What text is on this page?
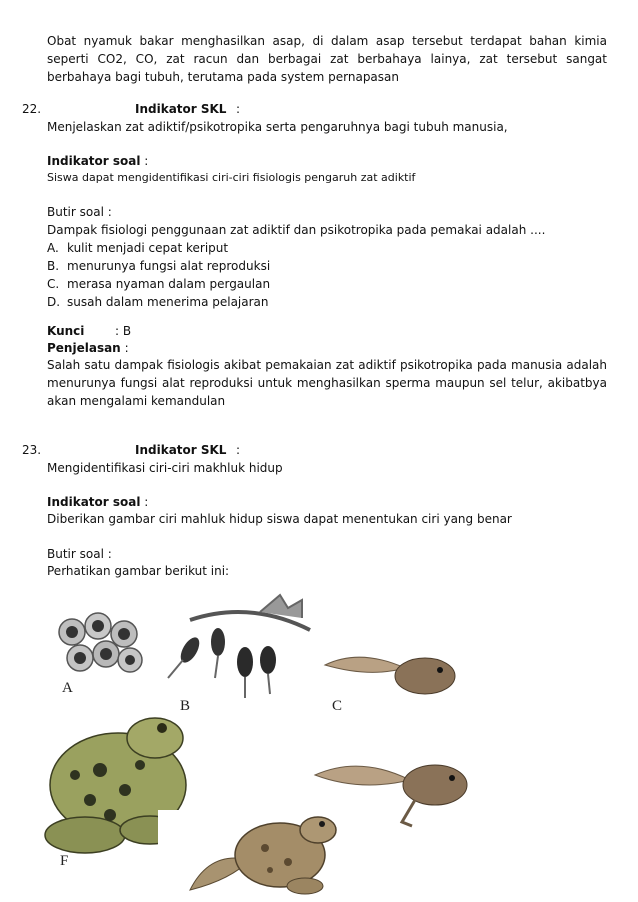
Obat nyamuk bakar menghasilkan asap, di dalam asap tersebut terdapat bahan kimia seperti CO2, CO, zat racun dan berbagai zat berbahaya lainya, zat tersebut sangat berbahaya bagi tubuh, terutama pada system pernapasan

22.	Indikator SKL :

Menjelaskan zat adiktif/psikotropika serta pengaruhnya bagi tubuh manusia,

Indikator soal :

Siswa dapat mengidentifikasi ciri-ciri fisiologis pengaruh zat adiktif

Butir soal :

Dampak fisiologi penggunaan zat adiktif dan psikotropika pada pemakai adalah ....

A. kulit menjadi cepat keriput
B. menurunya fungsi alat reproduksi
C. merasa nyaman dalam pergaulan
D. susah dalam menerima pelajaran
Kunci	: B

Penjelasan :

Salah satu dampak fisiologis akibat pemakaian zat adiktif psikotropika pada manusia adalah menurunya fungsi alat reproduksi untuk menghasilkan sperma maupun sel telur, akibatbya akan mengalami kemandulan

23.	Indikator SKL :

Mengidentifikasi ciri-ciri makhluk hidup

Indikator soal :

Diberikan gambar ciri mahluk hidup siswa dapat menentukan ciri yang benar

Butir soal :

Perhatikan gambar berikut ini:

A
B	C
F
